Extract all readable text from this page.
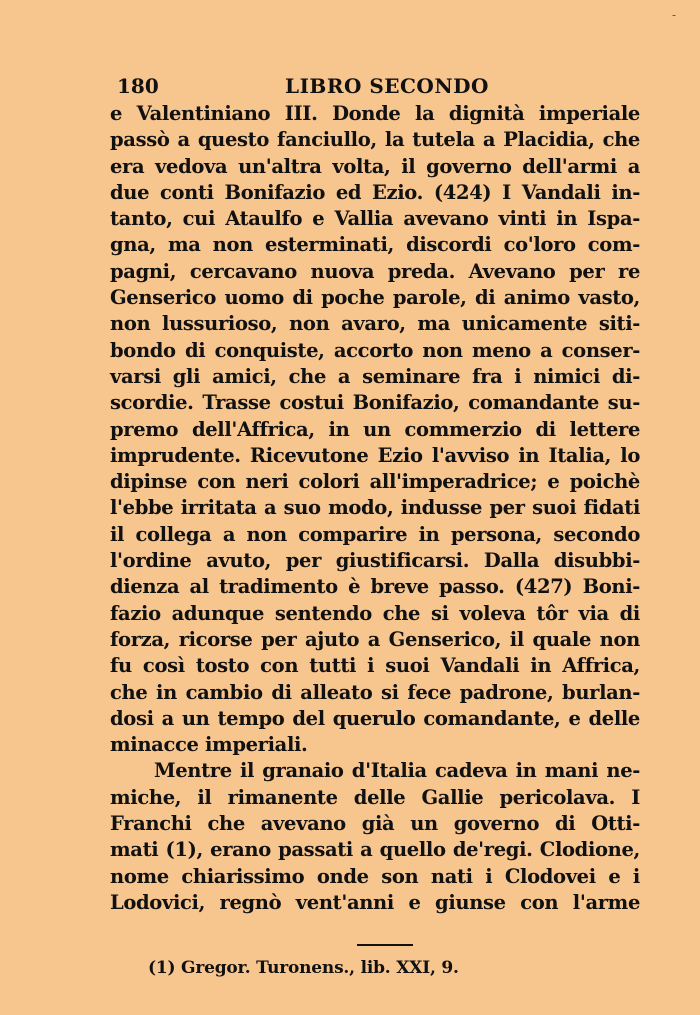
-
180	LIBRO SECONDO
e Valentiniano III. Donde la dignità imperiale
passò a questo fanciullo, la tutela a Placidia, che
era vedova un'altra volta, il governo dell'armi a
due conti Bonifazio ed Ezio. (424) I Vandali in-
tanto, cui Ataulfo e Vallia avevano vinti in Ispa-
gna, ma non esterminati, discordi co'loro com-
pagni, cercavano nuova preda. Avevano per re
Genserico uomo di poche parole, di animo vasto,
non lussurioso, non avaro, ma unicamente siti-
bondo di conquiste, accorto non meno a conser-
varsi gli amici, che a seminare fra i nimici di-
scordie. Trasse costui Bonifazio, comandante su-
premo dell'Affrica, in un commerzio di lettere
imprudente. Ricevutone Ezio l'avviso in Italia, lo
dipinse con neri colori all'imperadrice; e poichè
l'ebbe irritata a suo modo, indusse per suoi fidati
il collega a non comparire in persona, secondo
l'ordine avuto, per giustificarsi. Dalla disubbi-
dienza al tradimento è breve passo. (427) Boni-
fazio adunque sentendo che si voleva tôr via di
forza, ricorse per ajuto a Genserico, il quale non
fu così tosto con tutti i suoi Vandali in Affrica,
che in cambio di alleato si fece padrone, burlan-
dosi a un tempo del querulo comandante, e delle
minacce imperiali.
Mentre il granaio d'Italia cadeva in mani ne-
miche, il rimanente delle Gallie pericolava. I
Franchi che avevano già un governo di Otti-
mati (1), erano passati a quello de'regi. Clodione,
nome chiarissimo onde son nati i Clodovei e i
Lodovici, regnò vent'anni e giunse con l'arme
(1) Gregor. Turonens., lib. XXI, 9.
